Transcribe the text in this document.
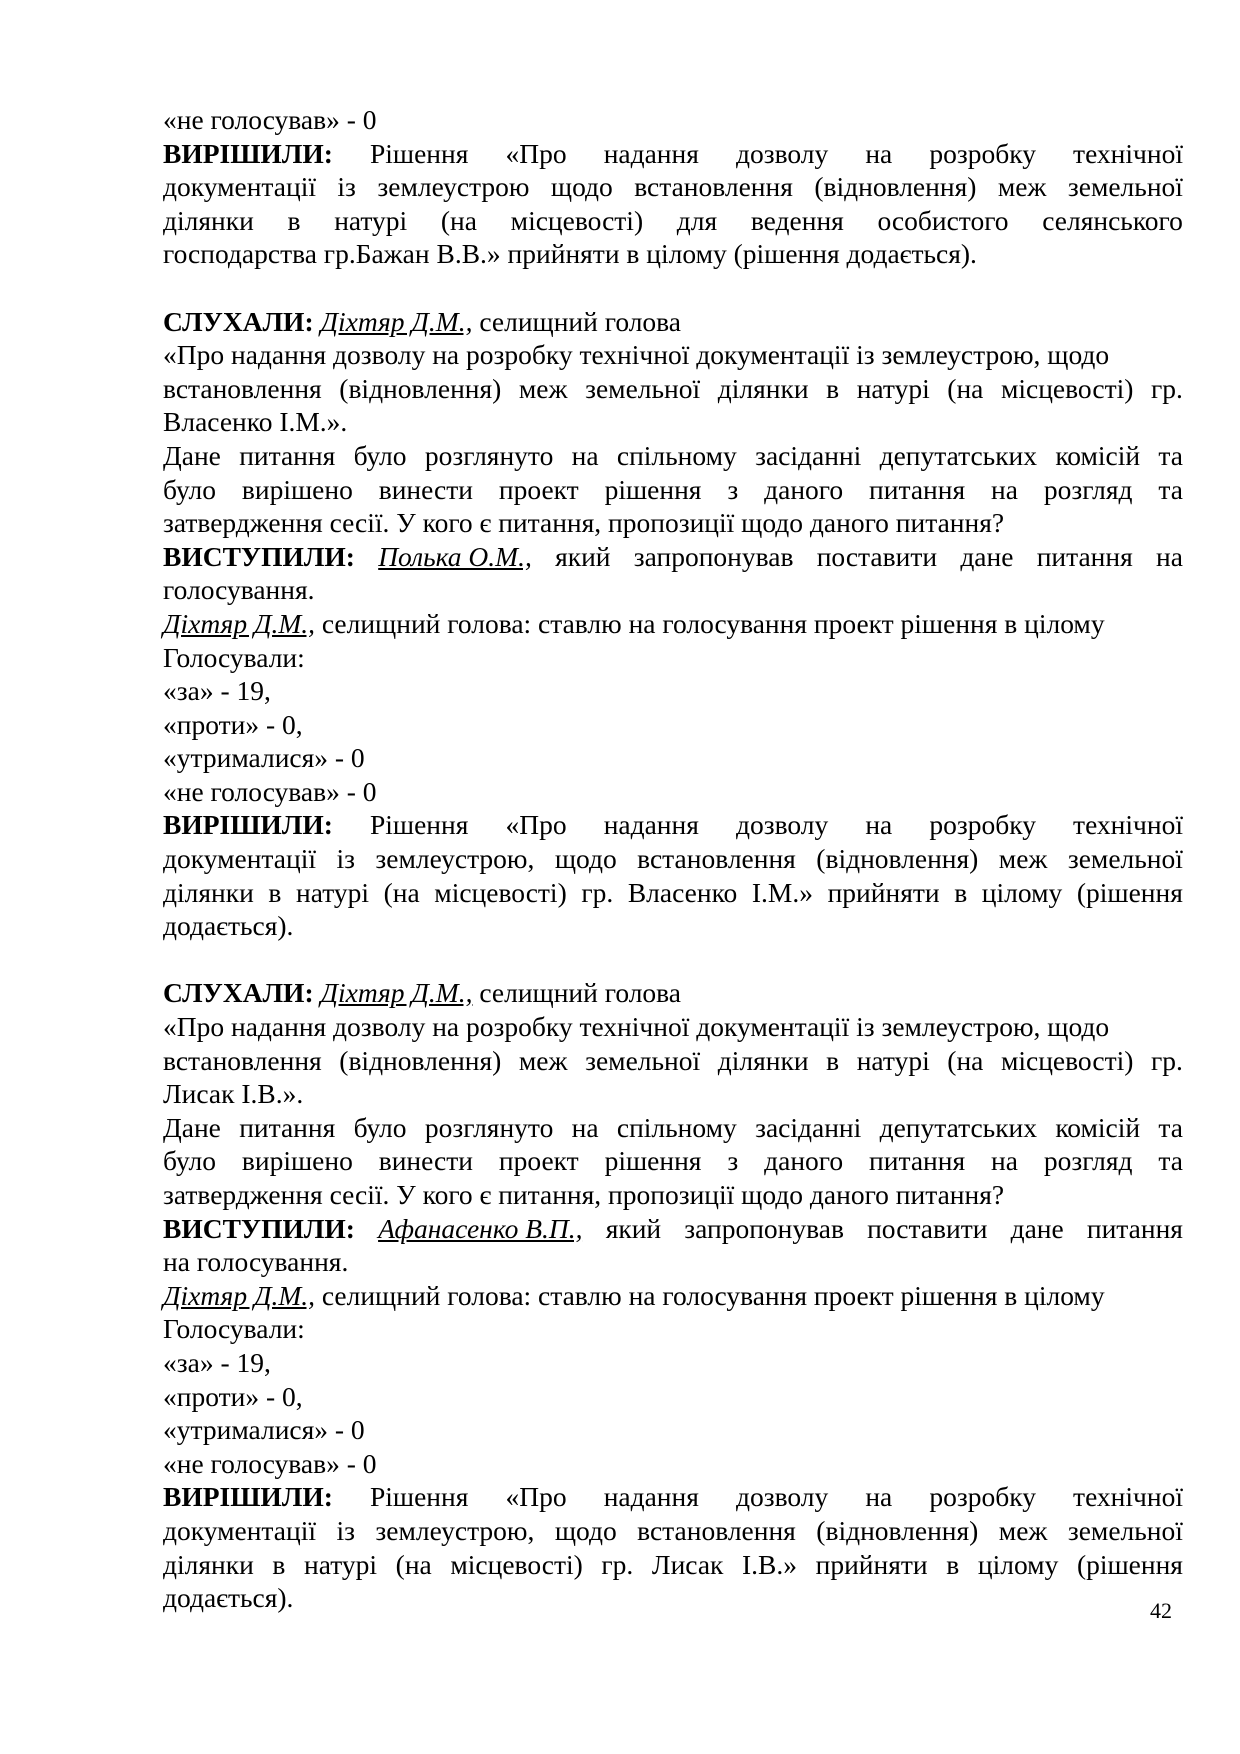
«не голосував» - 0
ВИРІШИЛИ: Рішення «Про надання дозволу на розробку технічної
документації із землеустрою щодо встановлення (відновлення) меж земельної
ділянки в натурі (на місцевості) для ведення особистого селянського
господарства гр.Бажан В.В.» прийняти в цілому (рішення додається).
СЛУХАЛИ: Діхтяр Д.М., селищний голова
«Про надання дозволу на розробку технічної документації із землеустрою, щодо
встановлення (відновлення) меж земельної ділянки в натурі (на місцевості) гр.
Власенко І.М.».
Дане питання було розглянуто на спільному засіданні депутатських комісій та
було вирішено винести проект рішення з даного питання на розгляд та
затвердження сесії. У кого є питання, пропозиції щодо даного питання?
ВИСТУПИЛИ: Полька О.М., який запропонував поставити дане питання на
голосування.
Діхтяр Д.М., селищний голова: ставлю на голосування проект рішення в цілому
Голосували:
«за» - 19,
«проти» - 0,
«утрималися» - 0
«не голосував» - 0
ВИРІШИЛИ: Рішення «Про надання дозволу на розробку технічної
документації із землеустрою, щодо встановлення (відновлення) меж земельної
ділянки в натурі (на місцевості) гр. Власенко І.М.» прийняти в цілому (рішення
додається).
СЛУХАЛИ: Діхтяр Д.М., селищний голова
«Про надання дозволу на розробку технічної документації із землеустрою, щодо
встановлення (відновлення) меж земельної ділянки в натурі (на місцевості) гр.
Лисак І.В.».
Дане питання було розглянуто на спільному засіданні депутатських комісій та
було вирішено винести проект рішення з даного питання на розгляд та
затвердження сесії. У кого є питання, пропозиції щодо даного питання?
ВИСТУПИЛИ: Афанасенко В.П., який запропонував поставити дане питання
на голосування.
Діхтяр Д.М., селищний голова: ставлю на голосування проект рішення в цілому
Голосували:
«за» - 19,
«проти» - 0,
«утрималися» - 0
«не голосував» - 0
ВИРІШИЛИ: Рішення «Про надання дозволу на розробку технічної
документації із землеустрою, щодо встановлення (відновлення) меж земельної
ділянки в натурі (на місцевості) гр. Лисак І.В.» прийняти в цілому (рішення
додається).	42
